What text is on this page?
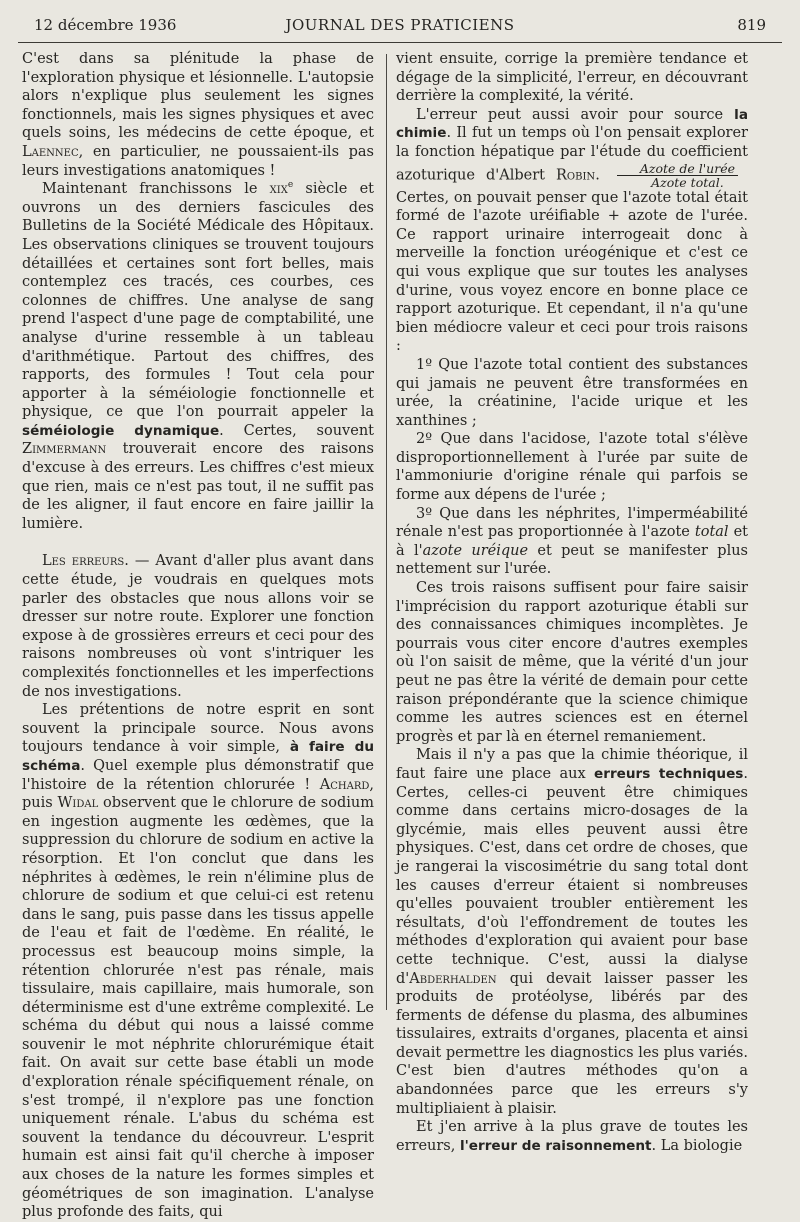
12 décembre 1936	JOURNAL DES PRATICIENS	819

C'est dans sa plénitude la phase de l'exploration physique et lésionnelle. L'autopsie alors n'explique plus seulement les signes fonctionnels, mais les signes physiques et avec quels soins, les médecins de cette époque, et Laennec, en particulier, ne poussaient-ils pas leurs investigations anatomiques !

Maintenant franchissons le xix$^e$ siècle et ouvrons un des derniers fascicules des Bulletins de la Société Médicale des Hôpitaux. Les observations cliniques se trouvent toujours détaillées et certaines sont fort belles, mais contemplez ces tracés, ces courbes, ces colonnes de chiffres. Une analyse de sang prend l'aspect d'une page de comptabilité, une analyse d'urine ressemble à un tableau d'arithmétique. Partout des chiffres, des rapports, des formules ! Tout cela pour apporter à la séméiologie fonctionnelle et physique, ce que l'on pourrait appeler la séméiologie dynamique. Certes, souvent Zimmermann trouverait encore des raisons d'excuse à des erreurs. Les chiffres c'est mieux que rien, mais ce n'est pas tout, il ne suffit pas de les aligner, il faut encore en faire jaillir la lumière.

Les erreurs. — Avant d'aller plus avant dans cette étude, je voudrais en quelques mots parler des obstacles que nous allons voir se dresser sur notre route. Explorer une fonction expose à de grossières erreurs et ceci pour des raisons nombreuses où vont s'intriquer les complexités fonctionnelles et les imperfections de nos investigations.

Les prétentions de notre esprit en sont souvent la principale source. Nous avons toujours tendance à voir simple, à faire du schéma. Quel exemple plus démonstratif que l'histoire de la rétention chlorurée ! Achard, puis Widal observent que le chlorure de sodium en ingestion augmente les œdèmes, que la suppression du chlorure de sodium en active la résorption. Et l'on conclut que dans les néphrites à œdèmes, le rein n'élimine plus de chlorure de sodium et que celui-ci est retenu dans le sang, puis passe dans les tissus appelle de l'eau et fait de l'œdème. En réalité, le processus est beaucoup moins simple, la rétention chlorurée n'est pas rénale, mais tissulaire, mais capillaire, mais humorale, son déterminisme est d'une extrême complexité. Le schéma du début qui nous a laissé comme souvenir le mot néphrite chlorurémique était fait. On avait sur cette base établi un mode d'exploration rénale spécifiquement rénale, on s'est trompé, il n'explore pas une fonction uniquement rénale. L'abus du schéma est souvent la tendance du découvreur. L'esprit humain est ainsi fait qu'il cherche à imposer aux choses de la nature les formes simples et géométriques de son imagination. L'analyse plus profonde des faits, qui

vient ensuite, corrige la première tendance et dégage de la simplicité, l'erreur, en découvrant derrière la complexité, la vérité.

L'erreur peut aussi avoir pour source la chimie. Il fut un temps où l'on pensait explorer la fonction hépatique par l'étude du coefficient azoturique d'Albert Robin. $\frac{\text{Azote de l'urée}}{\text{Azote total.}}$
Certes, on pouvait penser que l'azote total était formé de l'azote uréifiable + azote de l'urée. Ce rapport urinaire interrogeait donc à merveille la fonction uréogénique et c'est ce qui vous explique que sur toutes les analyses d'urine, vous voyez encore en bonne place ce rapport azoturique. Et cependant, il n'a qu'une bien médiocre valeur et ceci pour trois raisons :

1º Que l'azote total contient des substances qui jamais ne peuvent être transformées en urée, la créatinine, l'acide urique et les xanthines ;

2º Que dans l'acidose, l'azote total s'élève disproportionnellement à l'urée par suite de l'ammoniurie d'origine rénale qui parfois se forme aux dépens de l'urée ;

3º Que dans les néphrites, l'imperméabilité rénale n'est pas proportionnée à l'azote total et à l'azote uréique et peut se manifester plus nettement sur l'urée.

Ces trois raisons suffisent pour faire saisir l'imprécision du rapport azoturique établi sur des connaissances chimiques incomplètes. Je pourrais vous citer encore d'autres exemples où l'on saisit de même, que la vérité d'un jour peut ne pas être la vérité de demain pour cette raison prépondérante que la science chimique comme les autres sciences est en éternel progrès et par là en éternel remaniement.

Mais il n'y a pas que la chimie théorique, il faut faire une place aux erreurs techniques. Certes, celles-ci peuvent être chimiques comme dans certains micro-dosages de la glycémie, mais elles peuvent aussi être physiques. C'est, dans cet ordre de choses, que je rangerai la viscosimétrie du sang total dont les causes d'erreur étaient si nombreuses qu'elles pouvaient troubler entièrement les résultats, d'où l'effondrement de toutes les méthodes d'exploration qui avaient pour base cette technique. C'est, aussi la dialyse d'Abderhalden qui devait laisser passer les produits de protéolyse, libérés par des ferments de défense du plasma, des albumines tissulaires, extraits d'organes, placenta et ainsi devait permettre les diagnostics les plus variés. C'est bien d'autres méthodes qu'on a abandonnées parce que les erreurs s'y multipliaient à plaisir.

Et j'en arrive à la plus grave de toutes les erreurs, l'erreur de raisonnement. La biologie
